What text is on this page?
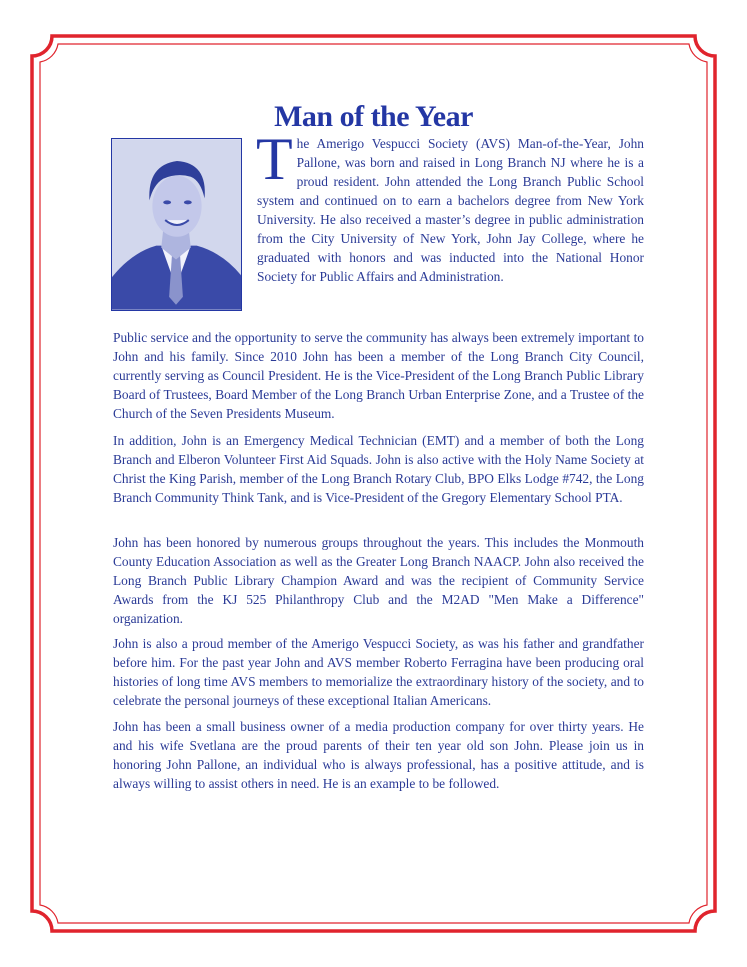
Man of the Year

The Amerigo Vespucci Society (AVS) Man-of-the-Year, John Pallone, was born and raised in Long Branch NJ where he is a proud resident. John attended the Long Branch Public School system and continued on to earn a bachelors degree from New York University. He also received a master’s degree in public administration from the City University of New York, John Jay College, where he graduated with honors and was inducted into the National Honor Society for Public Affairs and Administration.

Public service and the opportunity to serve the community has always been extremely important to John and his family. Since 2010 John has been a member of the Long Branch City Council, currently serving as Council President. He is the Vice-President of the Long Branch Public Library Board of Trustees, Board Member of the Long Branch Urban Enterprise Zone, and a Trustee of the Church of the Seven Presidents Museum.

In addition, John is an Emergency Medical Technician (EMT) and a member of both the Long Branch and Elberon Volunteer First Aid Squads. John is also active with the Holy Name Society at Christ the King Parish, member of the Long Branch Rotary Club, BPO Elks Lodge #742, the Long Branch Community Think Tank, and is Vice-President of the Gregory Elementary School PTA.

John has been honored by numerous groups throughout the years. This includes the Monmouth County Education Association as well as the Greater Long Branch NAACP. John also received the Long Branch Public Library Champion Award and was the recipient of Community Service Awards from the KJ 525 Philanthropy Club and the M2AD "Men Make a Difference" organization.

John is also a proud member of the Amerigo Vespucci Society, as was his father and grandfather before him. For the past year John and AVS member Roberto Ferragina have been producing oral histories of long time AVS members to memorialize the extraordinary history of the society, and to celebrate the personal journeys of these exceptional Italian Americans.

John has been a small business owner of a media production company for over thirty years. He and his wife Svetlana are the proud parents of their ten year old son John. Please join us in honoring John Pallone, an individual who is always professional, has a positive attitude, and is always willing to assist others in need. He is an example to be followed.
